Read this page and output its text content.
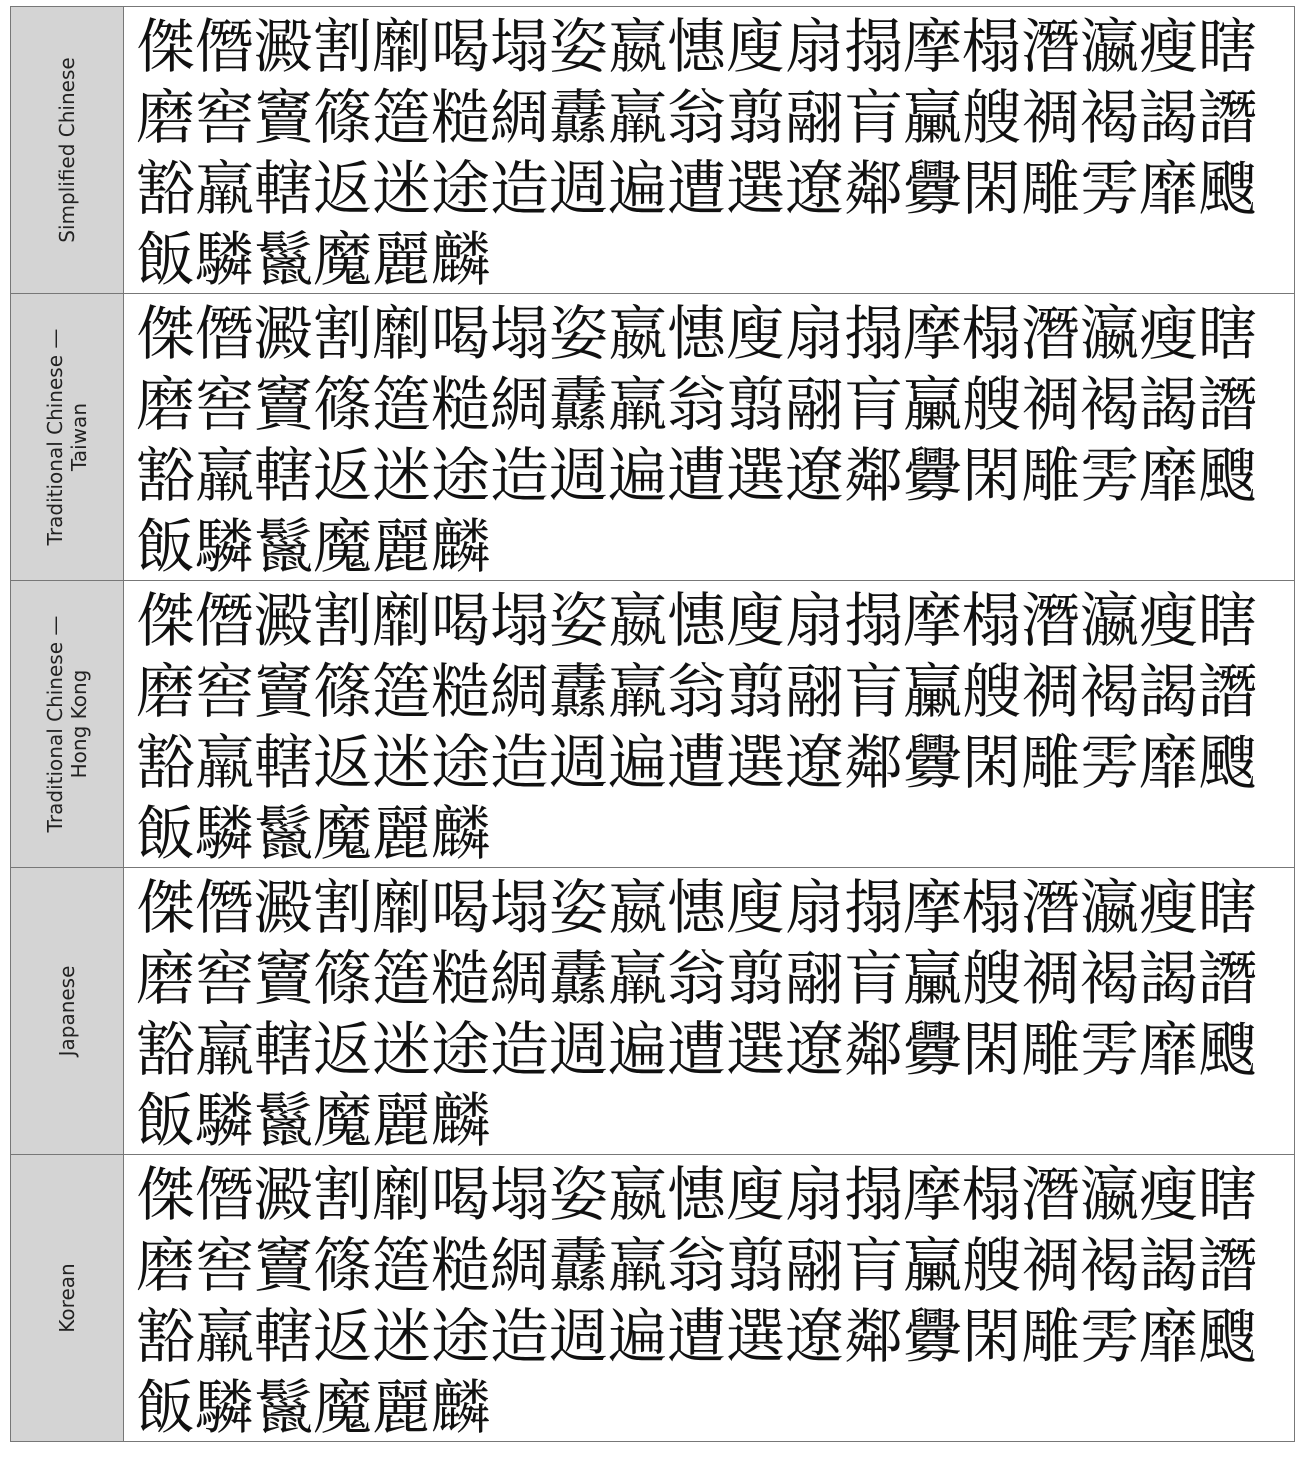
Simplified Chinese
傑僭澱割劘喝塌姿嬴憓廋扇搨摩榻潛瀛瘦瞎磨窖竇篠簉糙綢纛羸翁翦翮肓臝艘裯褐謁譖豁羸轄返迷途造週遍遭選遼鄰釁閑雕雱靡颼飯驎鬣魔麗麟
Traditional Chinese —
Taiwan
傑僭澱割劘喝塌姿嬴憓廋扇搨摩榻潛瀛瘦瞎磨窖竇篠簉糙綢纛羸翁翦翮肓臝艘裯褐謁譖豁羸轄返迷途造週遍遭選遼鄰釁閑雕雱靡颼飯驎鬣魔麗麟
Traditional Chinese —
Hong Kong
傑僭澱割劘喝塌姿嬴憓廋扇搨摩榻潛瀛瘦瞎磨窖竇篠簉糙綢纛羸翁翦翮肓臝艘裯褐謁譖豁羸轄返迷途造週遍遭選遼鄰釁閑雕雱靡颼飯驎鬣魔麗麟
Japanese
傑僭澱割劘喝塌姿嬴憓廋扇搨摩榻潛瀛瘦瞎磨窖竇篠簉糙綢纛羸翁翦翮肓臝艘裯褐謁譖豁羸轄返迷途造週遍遭選遼鄰釁閑雕雱靡颼飯驎鬣魔麗麟
Korean
傑僭澱割劘喝塌姿嬴憓廋扇搨摩榻潛瀛瘦瞎磨窖竇篠簉糙綢纛羸翁翦翮肓臝艘裯褐謁譖豁羸轄返迷途造週遍遭選遼鄰釁閑雕雱靡颼飯驎鬣魔麗麟
